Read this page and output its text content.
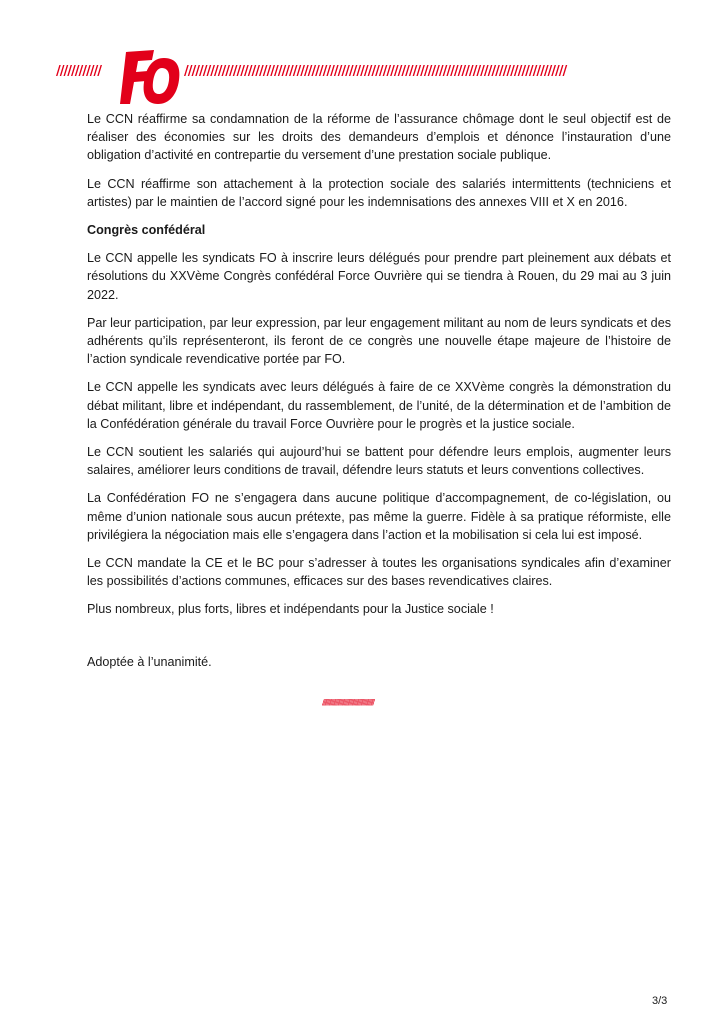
////////////	//////////////////////////////////////////////////////////////////////////////////////////////////////

Le CCN réaffirme sa condamnation de la réforme de l’assurance chômage dont le seul objectif est de réaliser des économies sur les droits des demandeurs d’emplois et dénonce l’instauration d’une obligation d’activité en contrepartie du versement d’une prestation sociale publique.

Le CCN réaffirme son attachement à la protection sociale des salariés intermittents (techniciens et artistes) par le maintien de l’accord signé pour les indemnisations des annexes VIII et X en 2016.

Congrès confédéral

Le CCN appelle les syndicats FO à inscrire leurs délégués pour prendre part pleinement aux débats et résolutions du XXVème Congrès confédéral Force Ouvrière qui se tiendra à Rouen, du 29 mai au 3 juin 2022.

Par leur participation, par leur expression, par leur engagement militant au nom de leurs syndicats et des adhérents qu’ils représenteront, ils feront de ce congrès une nouvelle étape majeure de l’histoire de l’action syndicale revendicative portée par FO.

Le CCN appelle les syndicats avec leurs délégués à faire de ce XXVème congrès la démonstration du débat militant, libre et indépendant, du rassemblement, de l’unité, de la détermination et de l’ambition de la Confédération générale du travail Force Ouvrière pour le progrès et la justice sociale.

Le CCN soutient les salariés qui aujourd’hui se battent pour défendre leurs emplois, augmenter leurs salaires, améliorer leurs conditions de travail, défendre leurs statuts et leurs conventions collectives.

La Confédération FO ne s’engagera dans aucune politique d’accompagnement, de co-législation, ou même d’union nationale sous aucun prétexte, pas même la guerre. Fidèle à sa pratique réformiste, elle privilégiera la négociation mais elle s’engagera dans l’action et la mobilisation si cela lui est imposé.

Le CCN mandate la CE et le BC pour s’adresser à toutes les organisations syndicales afin d’examiner les possibilités d’actions communes, efficaces sur des bases revendicatives claires.

Plus nombreux, plus forts, libres et indépendants pour la Justice sociale !

Adoptée à l’unanimité.

///////////////////////////////////////////////
3/3
